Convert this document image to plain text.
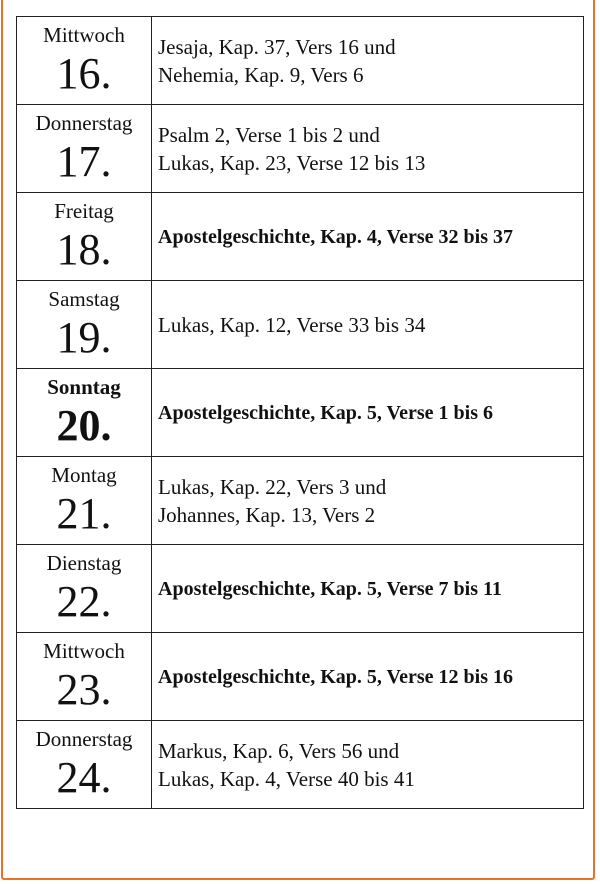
Mittwoch
16.	Jesaja, Kap. 37, Vers 16 und
Nehemia, Kap. 9, Vers 6

Donnerstag
17.	Psalm 2, Verse 1 bis 2 und
Lukas, Kap. 23, Verse 12 bis 13

Freitag
18.	Apostelgeschichte, Kap. 4, Verse 32 bis 37

Samstag
19.	Lukas, Kap. 12, Verse 33 bis 34

Sonntag
20.	Apostelgeschichte, Kap. 5, Verse 1 bis 6

Montag
21.	Lukas, Kap. 22, Vers 3 und
Johannes, Kap. 13, Vers 2

Dienstag
22.	Apostelgeschichte, Kap. 5, Verse 7 bis 11

Mittwoch
23.	Apostelgeschichte, Kap. 5, Verse 12 bis 16

Donnerstag
24.	Markus, Kap. 6, Vers 56 und
Lukas, Kap. 4, Verse 40 bis 41
